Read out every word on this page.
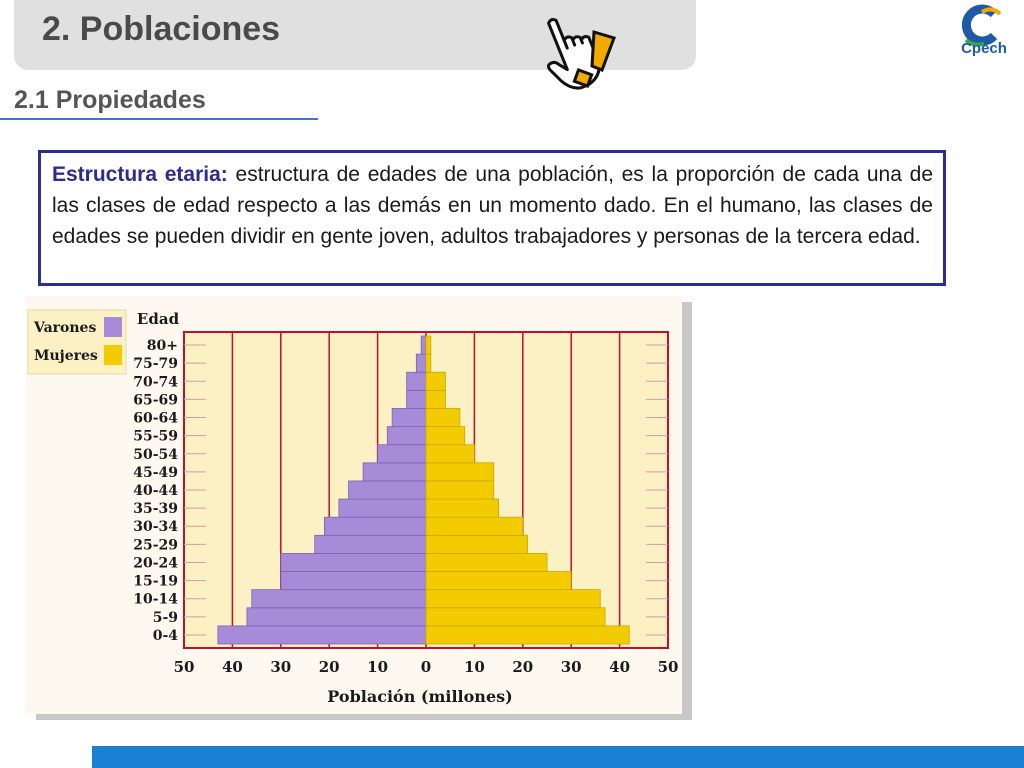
2. Poblaciones
Cpech
2.1 Propiedades
Estructura etaria: estructura de edades de una población, es la proporción de cada una de las clases de edad respecto a las demás en un momento dado. En el humano, las clases de edades se pueden dividir en gente joven, adultos trabajadores y personas de la tercera edad.
0-4
5-9
10-14
15-19
20-24
25-29
30-34
35-39
40-44
45-49
50-54
55-59
60-64
65-69
70-74
75-79
80+
Edad
50 40 30 20 10 0 10 20 30 40 50
Población (millones)
Varones
Mujeres
